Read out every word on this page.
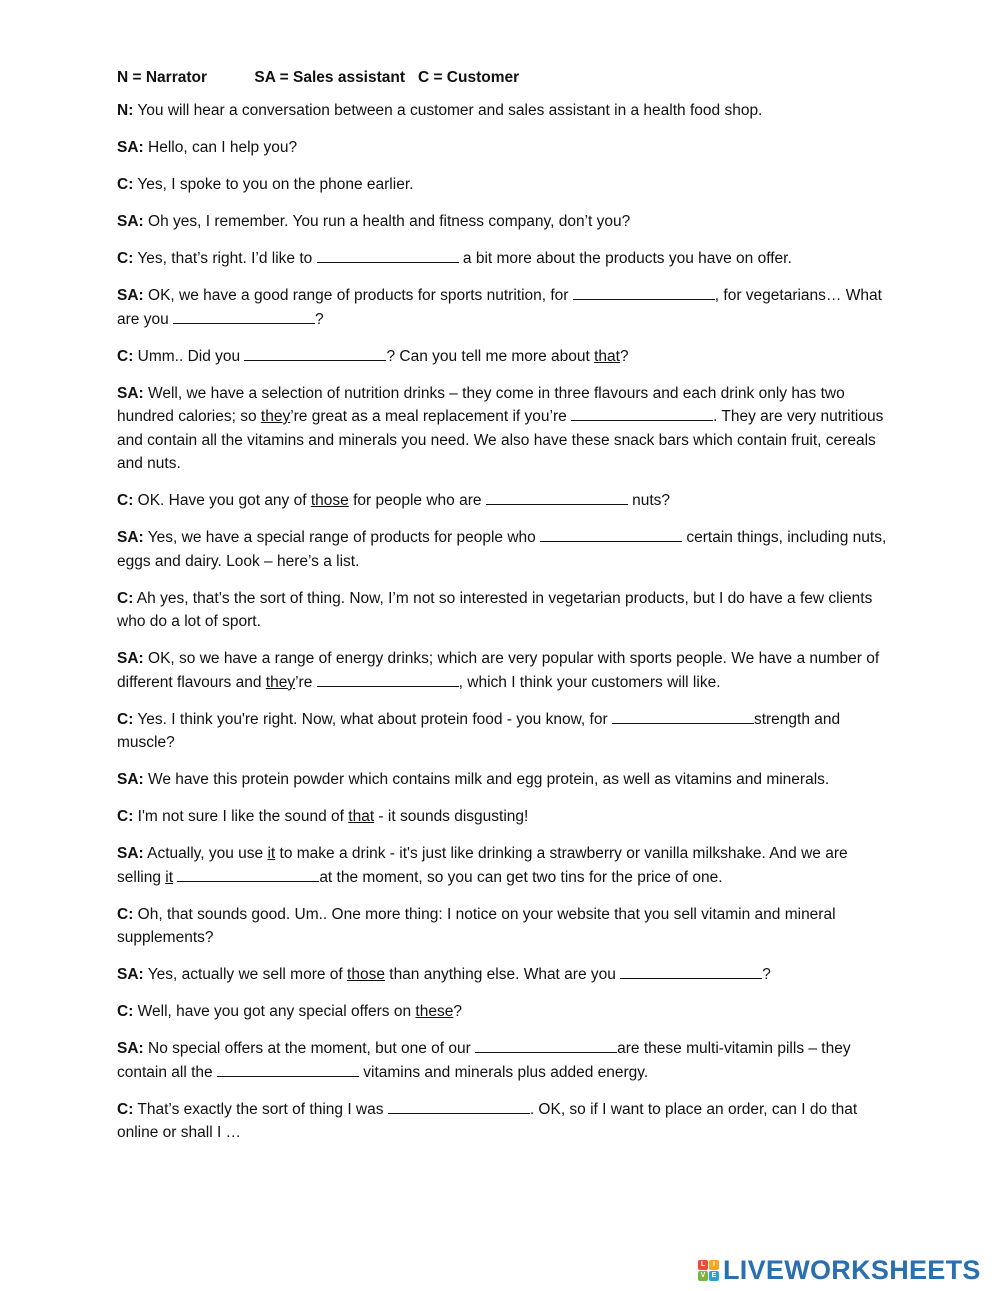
N = Narrator           SA = Sales assistant   C = Customer
N: You will hear a conversation between a customer and sales assistant in a health food shop.
SA: Hello, can I help you?
C: Yes, I spoke to you on the phone earlier.
SA: Oh yes, I remember. You run a health and fitness company, don’t you?
C: Yes, that’s right. I’d like to	a bit more about the products you have on offer.
SA: OK, we have a good range of products for sports nutrition, for	, for vegetarians… What are you	?
C: Umm.. Did you	? Can you tell me more about that?
SA: Well, we have a selection of nutrition drinks – they come in three flavours and each drink only has two hundred calories; so they’re great as a meal replacement if you’re	. They are very nutritious and contain all the vitamins and minerals you need. We also have these snack bars which contain fruit, cereals and nuts.
C: OK. Have you got any of those for people who are	nuts?
SA: Yes, we have a special range of products for people who	certain things, including nuts, eggs and dairy. Look – here’s a list.
C: Ah yes, that’s the sort of thing. Now, I’m not so interested in vegetarian products, but I do have a few clients who do a lot of sport.
SA: OK, so we have a range of energy drinks; which are very popular with sports people. We have a number of different flavours and they’re	, which I think your customers will like.
C: Yes. I think you're right. Now, what about protein food - you know, for	strength and muscle?
SA: We have this protein powder which contains milk and egg protein, as well as vitamins and minerals.
C: I'm not sure I like the sound of that - it sounds disgusting!
SA: Actually, you use it to make a drink - it's just like drinking a strawberry or vanilla milkshake. And we are selling it	at the moment, so you can get two tins for the price of one.
C: Oh, that sounds good. Um.. One more thing: I notice on your website that you sell vitamin and mineral supplements?
SA: Yes, actually we sell more of those than anything else. What are you	?
C: Well, have you got any special offers on these?
SA: No special offers at the moment, but one of our	are these multi-vitamin pills – they contain all the	vitamins and minerals plus added energy.
C: That’s exactly the sort of thing I was	. OK, so if I want to place an order, can I do that online or shall I …
L	I
V E LIVEWORKSHEETS
